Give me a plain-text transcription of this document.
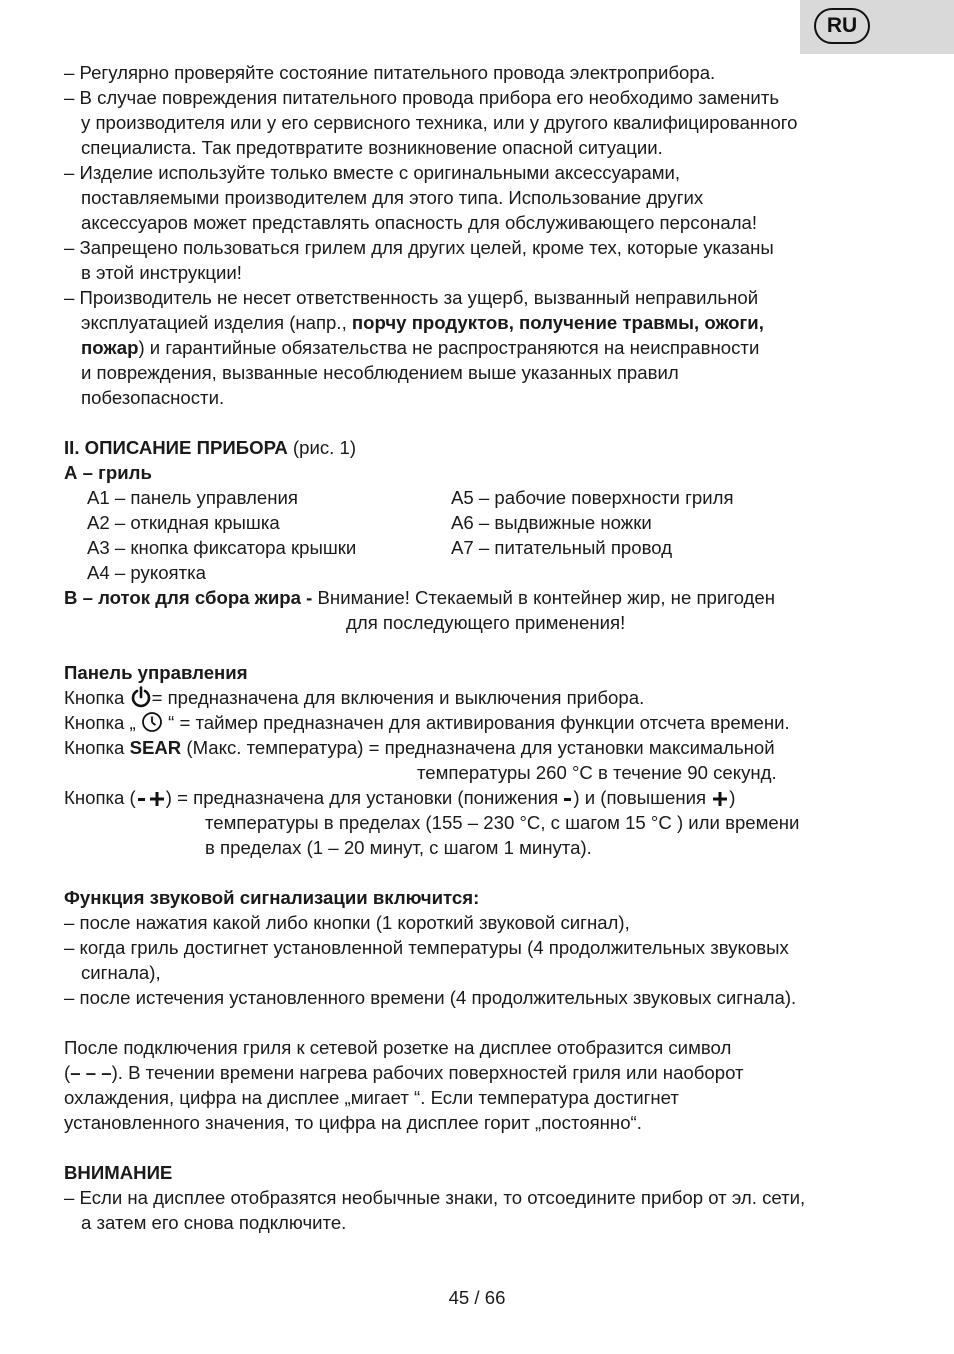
RU
– Регулярно проверяйте состояние питательного провода электроприбора.
– В случае повреждения питательного провода прибора его необходимо заменить
у производителя или у его сервисного техника, или у другого квалифицированного
специалиста. Так предотвратите возникновение опасной ситуации.
– Изделие используйте только вместе с оригинальными аксессуарами,
поставляемыми производителем для этого типа. Использование других
аксессуаров может представлять опасность для обслуживающего персонала!
– Запрещено пользоваться грилем для других целей, кроме тех, которые указаны
в этой инструкции!
– Производитель не несет ответственность за ущерб, вызванный неправильной
эксплуатацией изделия (напр., порчу продуктов, получение травмы, ожоги,
пожар) и гарантийные обязательства не распространяются на неисправности
и повреждения, вызванные несоблюдением выше указанных правил
побезопасности.
II. ОПИСАНИЕ ПРИБОРА (рис. 1)
А – гриль
А1 – панель управления
А2 – откидная крышка
А3 – кнопка фиксатора крышки
А4 – рукоятка
А5 – рабочие поверхности гриля
А6 – выдвижные ножки
А7 – питательный провод
B – лоток для сбора жира - Внимание! Стекаемый в контейнер жир, не пригоден
для последующего применения!
Панель управления
Кнопка = предназначена для включения и выключения прибора.
Кнопка „  “ = таймер предназначен для активирования функции отсчета времени.
Кнопка SEAR (Макс. температура) = предназначена для установки максимальной
температуры 260 °C в течение 90 секунд.
Кнопка ( ) = предназначена для установки (понижения ) и (повышения )
температуры в пределах (155 – 230 °C, с шагом 15 °C ) или времени
в пределах (1 – 20 минут, с шагом 1 минута).
Функция звуковой сигнализации включится:
– после нажатия какой либо кнопки (1 короткий звуковой сигнал),
– когда гриль достигнет установленной температуры (4 продолжительных звуковых
сигнала),
– после истечения установленного времени (4 продолжительных звуковых сигнала).
После подключения гриля к сетевой розетке на дисплее отобразится символ
(– – –). В течении времени нагрева рабочих поверхностей гриля или наоборот
охлаждения, цифра на дисплее „мигает “. Если температура достигнет
установленного значения, то цифра на дисплее горит „постоянно“.
ВНИМАНИЕ
– Если на дисплее отобразятся необычные знаки, то отсоедините прибор от эл. сети,
а затем его снова подключите.
45 / 66
